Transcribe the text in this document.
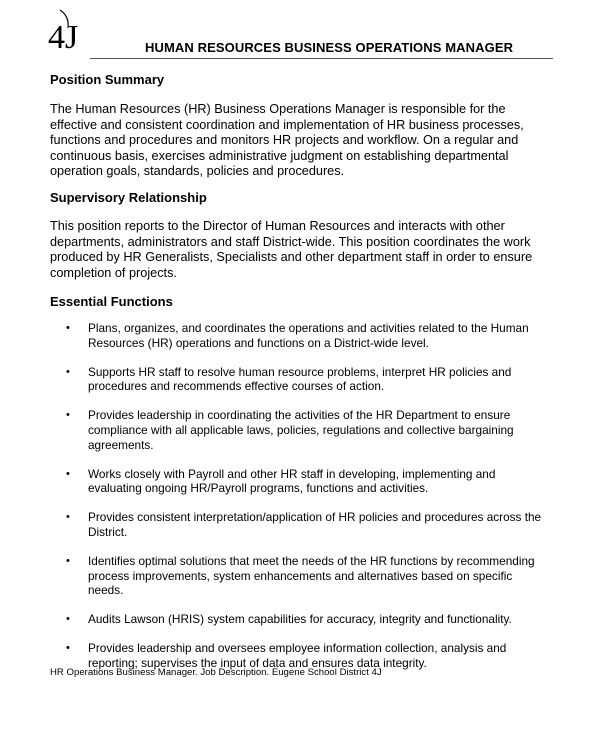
4J	HUMAN RESOURCES BUSINESS OPERATIONS MANAGER
Position Summary

The Human Resources (HR) Business Operations Manager is responsible for the effective and consistent coordination and implementation of HR business processes, functions and procedures and monitors HR projects and workflow. On a regular and continuous basis, exercises administrative judgment on establishing departmental operation goals, standards, policies and procedures.

Supervisory Relationship

This position reports to the Director of Human Resources and interacts with other departments, administrators and staff District-wide. This position coordinates the work produced by HR Generalists, Specialists and other department staff in order to ensure completion of projects.

Essential Functions
• Plans, organizes, and coordinates the operations and activities related to the Human Resources (HR) operations and functions on a District-wide level.
• Supports HR staff to resolve human resource problems, interpret HR policies and procedures and recommends effective courses of action.
• Provides leadership in coordinating the activities of the HR Department to ensure compliance with all applicable laws, policies, regulations and collective bargaining agreements.
• Works closely with Payroll and other HR staff in developing, implementing and evaluating ongoing HR/Payroll programs, functions and activities.
• Provides consistent interpretation/application of HR policies and procedures across the District.
• Identifies optimal solutions that meet the needs of the HR functions by recommending process improvements, system enhancements and alternatives based on specific needs.
• Audits Lawson (HRIS) system capabilities for accuracy, integrity and functionality.
• Provides leadership and oversees employee information collection, analysis and reporting; supervises the input of data and ensures data integrity.
HR Operations Business Manager. Job Description. Eugene School District 4J
